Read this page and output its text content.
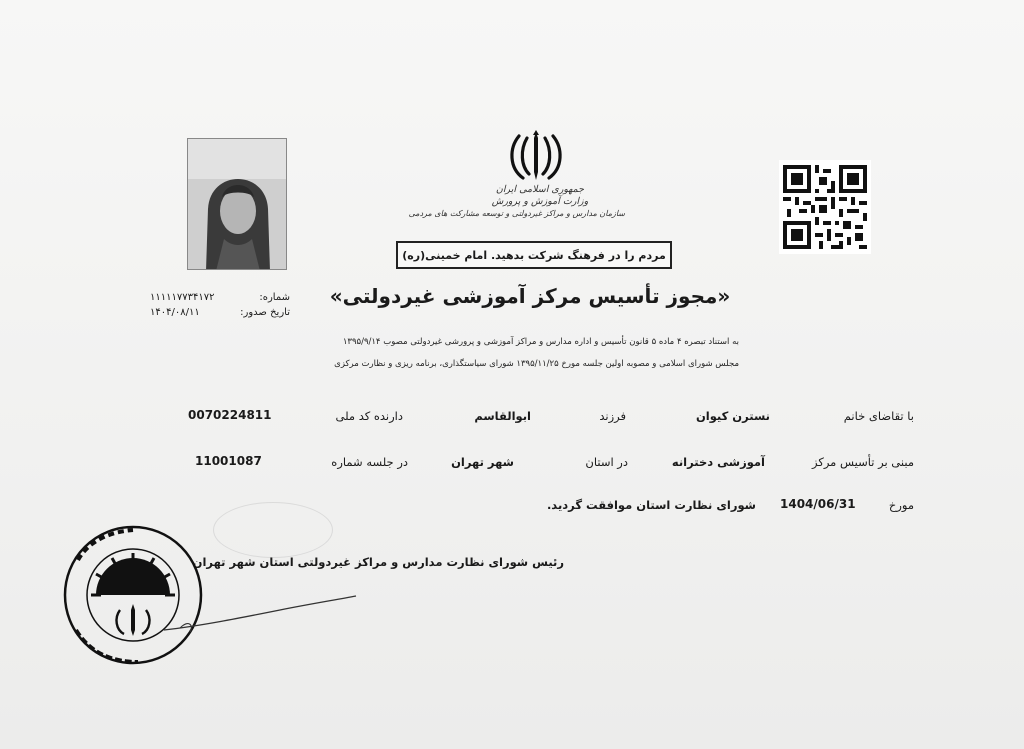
جمهوری اسلامی ایران
وزارت آموزش و پرورش
سازمان مدارس و مراکز غیردولتی و توسعه مشارکت های مردمی
مردم را در فرهنگ شرکت بدهید. امام خمینی(ره)
«مجوز تأسیس مرکز آموزشی غیردولتی»
شماره:
۱۱۱۱۱۷۷۳۴۱۷۲
تاریخ صدور:
۱۴۰۴/۰۸/۱۱
به استناد تبصره ۴ ماده ۵ قانون تأسیس و اداره مدارس و مراکز آموزشی و پرورشی غیردولتی مصوب ۱۳۹۵/۹/۱۴
مجلس شورای اسلامی و مصوبه اولین جلسه مورخ ۱۳۹۵/۱۱/۲۵ شورای سیاستگذاری، برنامه ریزی و نظارت مرکزی
با تقاضای خانم
نسترن کیوان
فرزند
ابوالقاسم
دارنده کد ملی
0070224811
مبنی بر تأسیس مرکز
آموزشی دخترانه
در استان
شهر تهران
در جلسه شماره
11001087
مورخ
1404/06/31
شورای نظارت استان موافقت گردید.
رئیس شورای نظارت مدارس و مراکز غیردولتی استان شهر تهران
